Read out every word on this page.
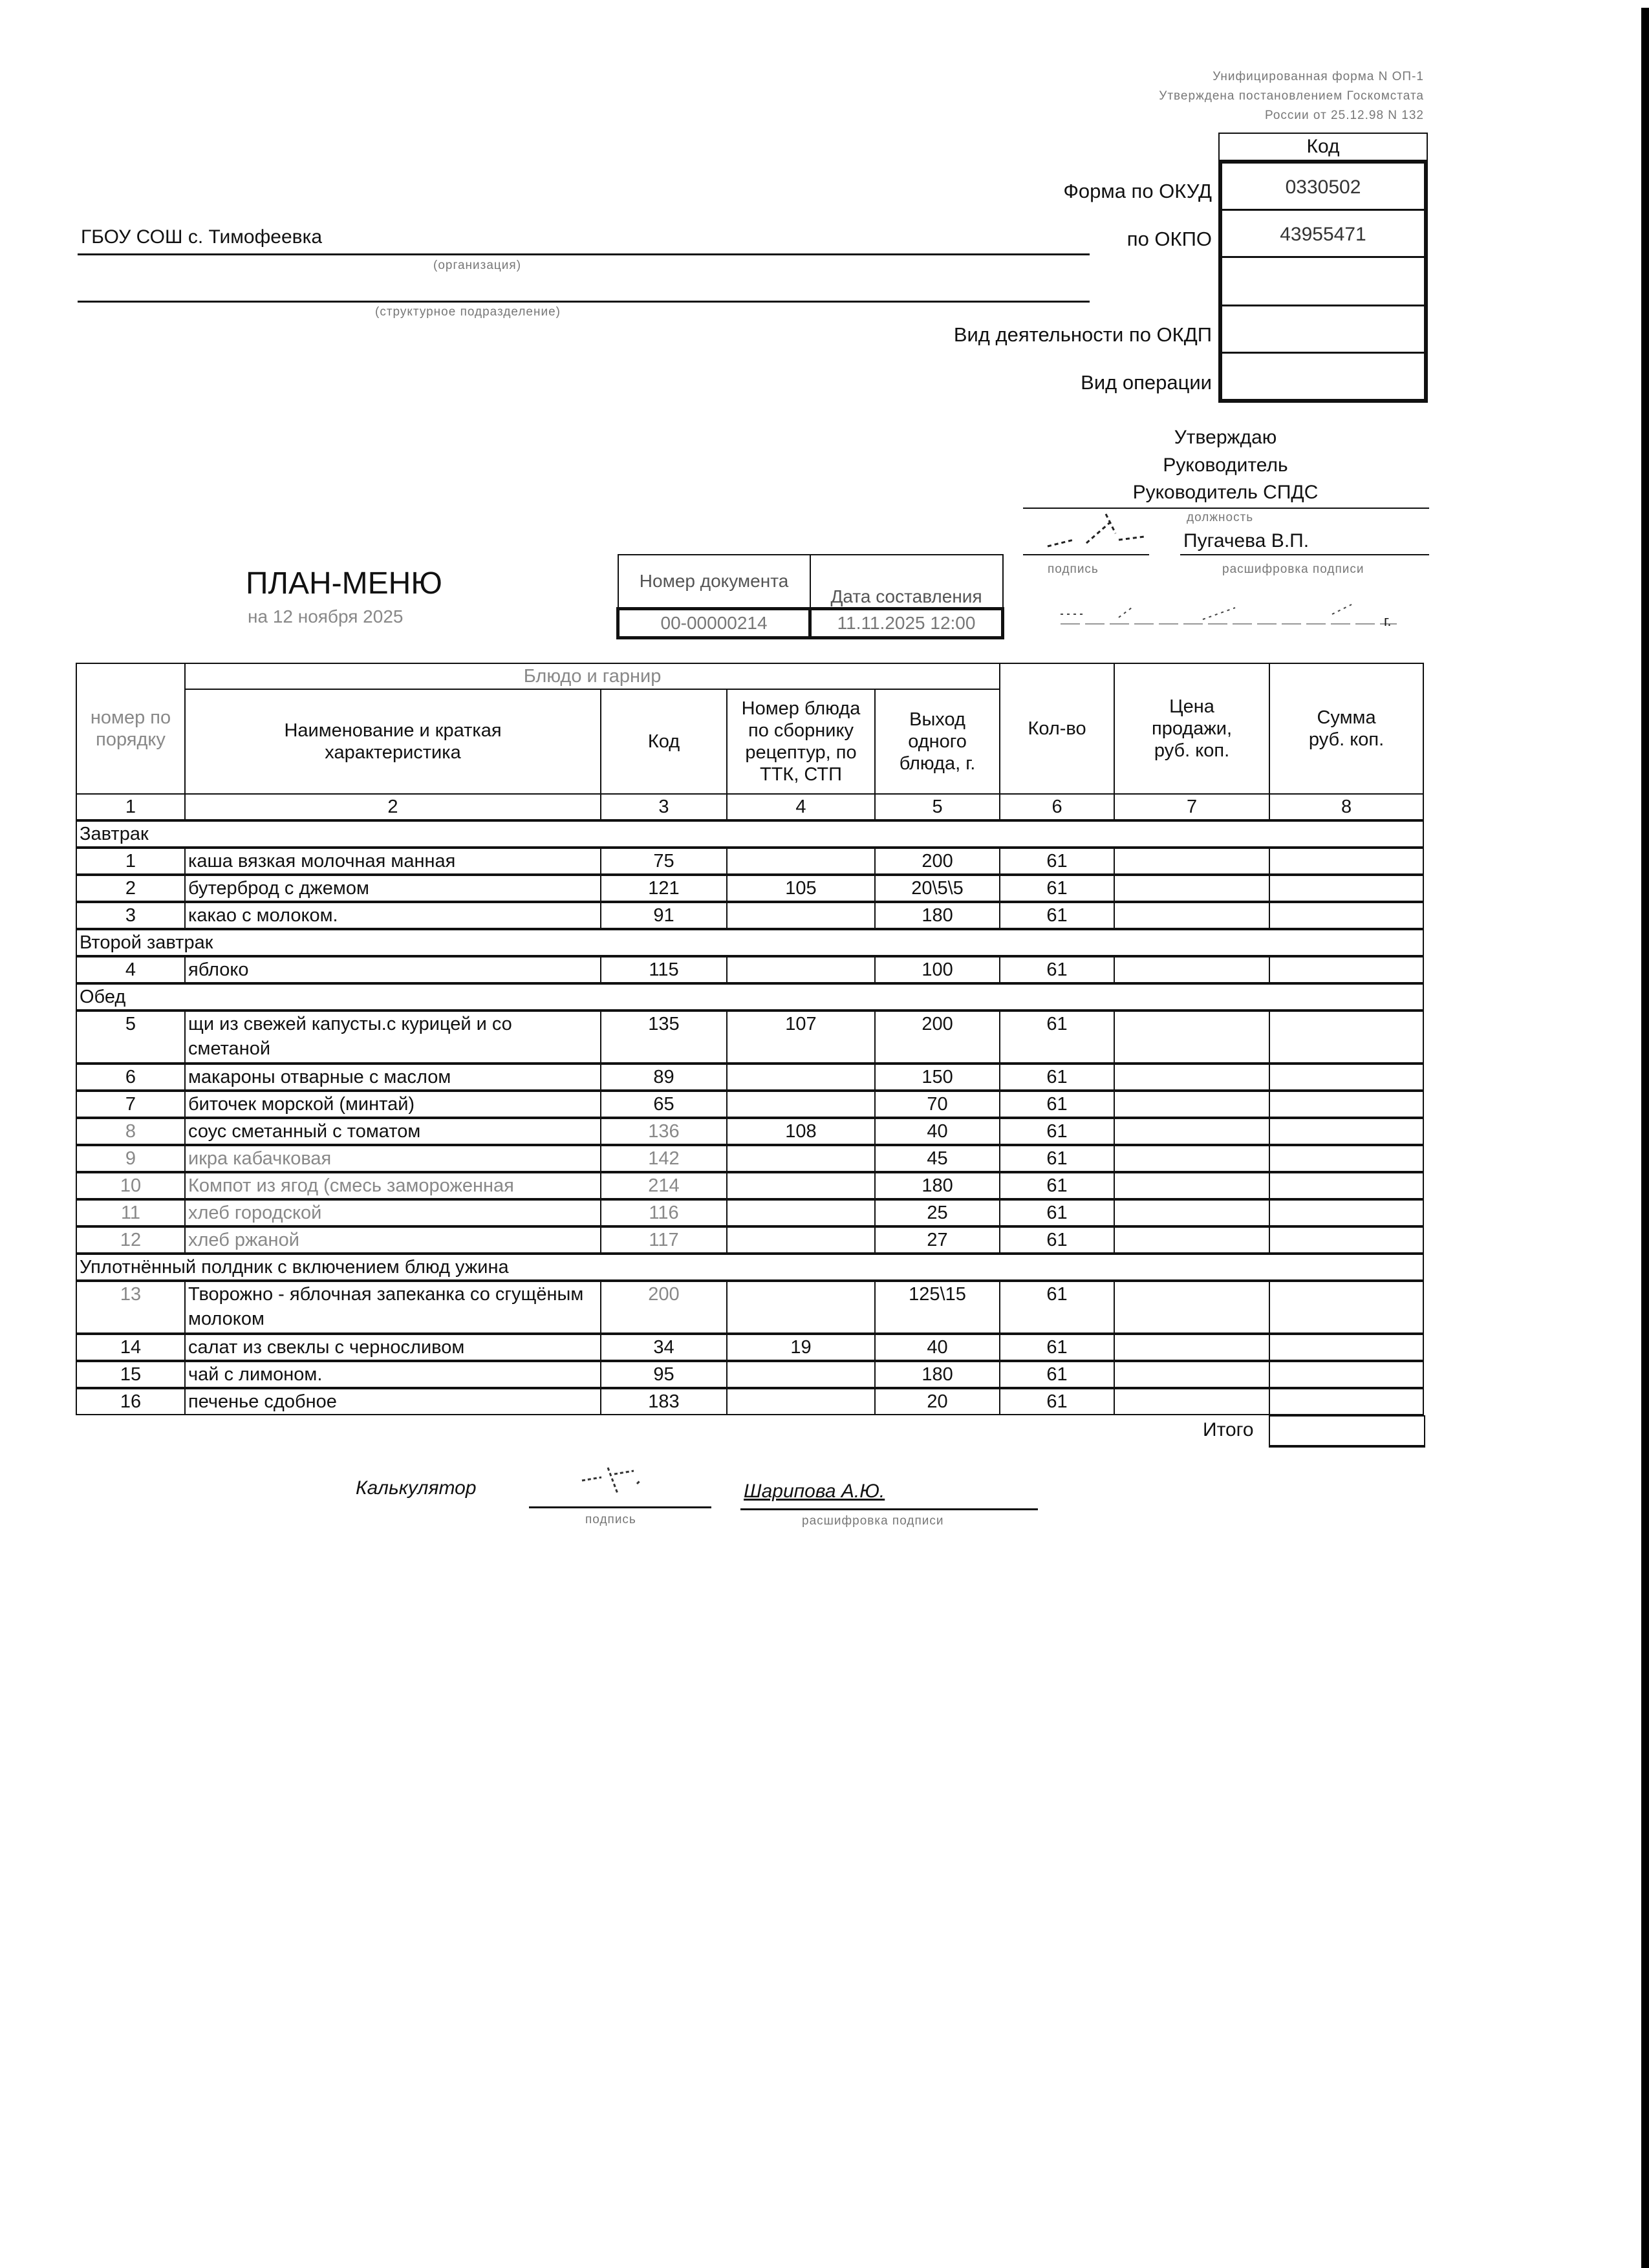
Унифицированная форма N ОП-1
Утверждена постановлением Госкомстата
России от 25.12.98 N 132
Код
0330502
43955471
Форма по ОКУД
по ОКПО
Вид деятельности по ОКДП
Вид операции
ГБОУ СОШ с. Тимофеевка
(организация)
(структурное подразделение)
Утверждаю
Руководитель
Руководитель СПДС
должность
Пугачева В.П.
подпись	расшифровка подписи
г.
ПЛАН-МЕНЮ
на 12 ноября 2025
Номер документа	Дата составления
00-00000214	11.11.2025 12:00
номер по порядку	Блюдо и гарнир				Кол-во	Цена продажи, руб. коп.	Сумма руб. коп.
	Наименование и краткая характеристика	Код	Номер блюда по сборнику рецептур, по ТТК, СТП	Выход одного блюда, г.			
1	2	3	4	5	6	7	8
Завтрак							
1	каша вязкая молочная манная	75		200	61		
2	бутерброд с джемом	121	105	20\5\5	61		
3	какао с молоком.	91		180	61		
Второй завтрак							
4	яблоко	115		100	61		
Обед							
5	щи из свежей капусты.с курицей и со сметаной	135	107	200	61		
6	макароны отварные с маслом	89		150	61		
7	биточек морской (минтай)	65		70	61		
8	соус сметанный с томатом	136	108	40	61		
9	икра кабачковая	142		45	61		
10	Компот из ягод (смесь замороженная	214		180	61		
11	хлеб городской	116		25	61		
12	хлеб ржаной	117		27	61		
Уплотнённый полдник с включением блюд ужина							
13	Творожно - яблочная запеканка со сгущёным молоком	200		125\15	61		
14	салат из свеклы с черносливом	34	19	40	61		
15	чай с лимоном.	95		180	61		
16	печенье сдобное	183		20	61		
Итого
Калькулятор
подпись
Шарипова А.Ю.
расшифровка подписи
